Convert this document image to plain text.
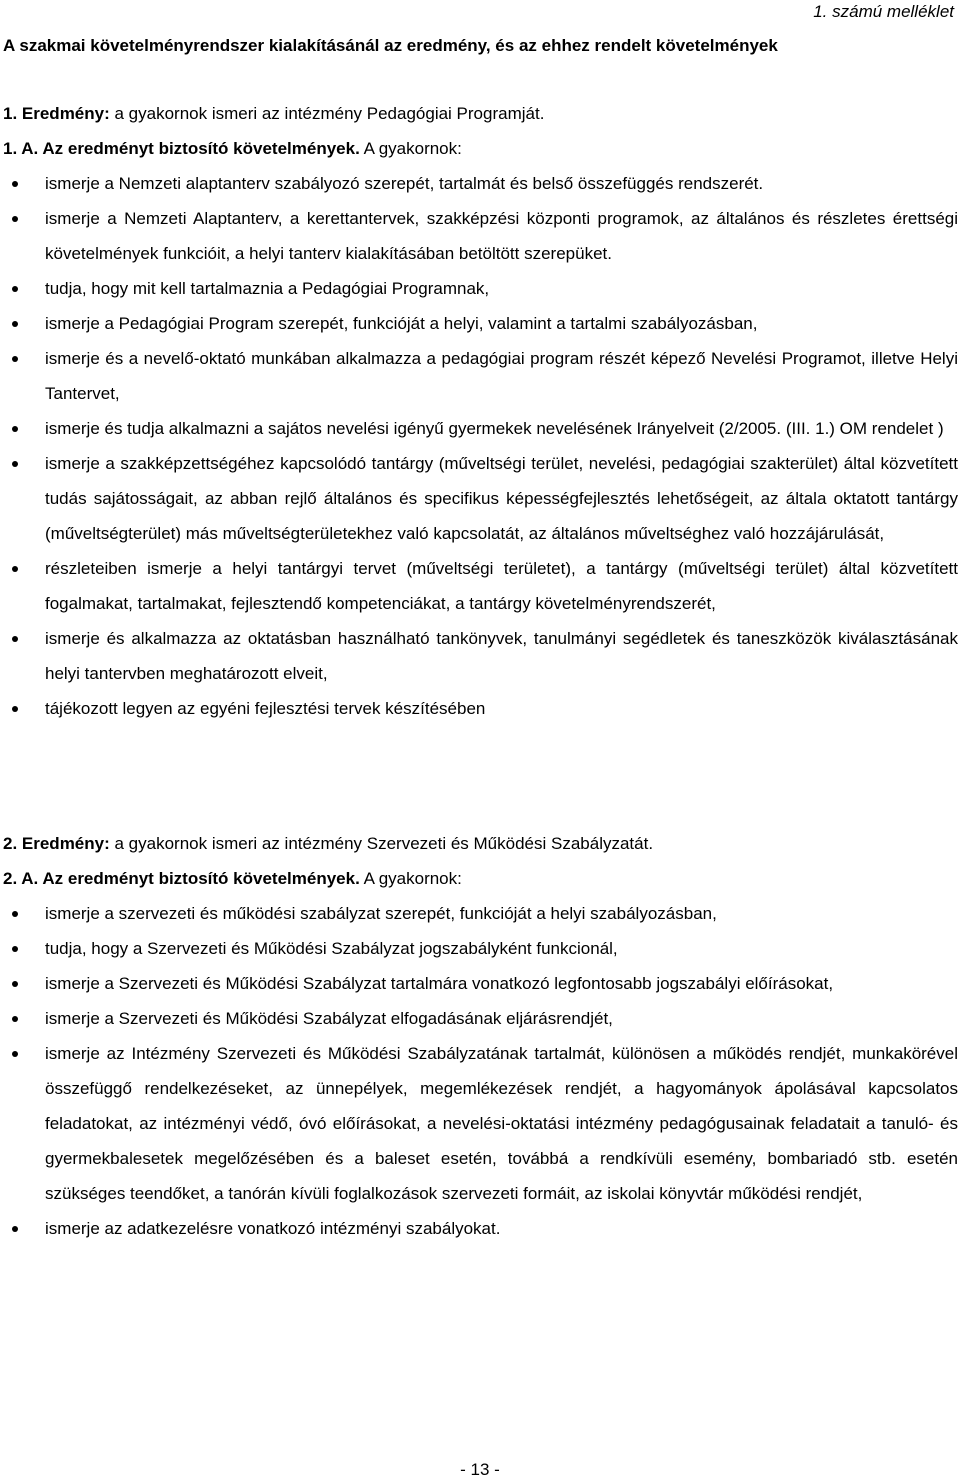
1. számú melléklet
A szakmai követelményrendszer kialakításánál az eredmény, és az ehhez rendelt követelmények

1. Eredmény: a gyakornok ismeri az intézmény Pedagógiai Programját.

1. A. Az eredményt biztosító követelmények. A gyakornok:

ismerje a Nemzeti alaptanterv szabályozó szerepét, tartalmát és belső összefüggés rendszerét.
ismerje a Nemzeti Alaptanterv, a kerettantervek, szakképzési központi programok, az általános és részletes érettségi követelmények funkcióit, a helyi tanterv kialakításában betöltött szerepüket.
tudja, hogy mit kell tartalmaznia a Pedagógiai Programnak,
ismerje a Pedagógiai Program szerepét, funkcióját a helyi, valamint a tartalmi szabályozásban,
ismerje és a nevelő-oktató munkában alkalmazza a pedagógiai program részét képező Nevelési Programot, illetve Helyi Tantervet,
ismerje és tudja alkalmazni a sajátos nevelési igényű gyermekek nevelésének Irányelveit (2/2005. (III. 1.) OM rendelet )
ismerje a szakképzettségéhez kapcsolódó tantárgy (műveltségi terület, nevelési, pedagógiai szakterület) által közvetített tudás sajátosságait, az abban rejlő általános és specifikus képességfejlesztés lehetőségeit, az általa oktatott tantárgy (műveltségterület) más műveltségterületekhez való kapcsolatát, az általános műveltséghez való hozzájárulását,
részleteiben ismerje a helyi tantárgyi tervet (műveltségi területet), a tantárgy (műveltségi terület) által közvetített fogalmakat, tartalmakat, fejlesztendő kompetenciákat, a tantárgy követelményrendszerét,
ismerje és alkalmazza az oktatásban használható tankönyvek, tanulmányi segédletek és taneszközök kiválasztásának helyi tantervben meghatározott elveit,
tájékozott legyen az egyéni fejlesztési tervek készítésében

2. Eredmény: a gyakornok ismeri az intézmény Szervezeti és Működési Szabályzatát.

2. A. Az eredményt biztosító követelmények. A gyakornok:

ismerje a szervezeti és működési szabályzat szerepét, funkcióját a helyi szabályozásban,
tudja, hogy a Szervezeti és Működési Szabályzat jogszabályként funkcionál,
ismerje a Szervezeti és Működési Szabályzat tartalmára vonatkozó legfontosabb jogszabályi előírásokat,
ismerje a Szervezeti és Működési Szabályzat elfogadásának eljárásrendjét,
ismerje az Intézmény Szervezeti és Működési Szabályzatának tartalmát, különösen a működés rendjét, munkakörével összefüggő rendelkezéseket, az ünnepélyek, megemlékezések rendjét, a hagyományok ápolásával kapcsolatos feladatokat, az intézményi védő, óvó előírásokat, a nevelési-oktatási intézmény pedagógusainak feladatait a tanuló- és gyermekbalesetek megelőzésében és a baleset esetén, továbbá a rendkívüli esemény, bombariadó stb. esetén szükséges teendőket, a tanórán kívüli foglalkozások szervezeti formáit, az iskolai könyvtár működési rendjét,
ismerje az adatkezelésre vonatkozó intézményi szabályokat.
- 13 -
